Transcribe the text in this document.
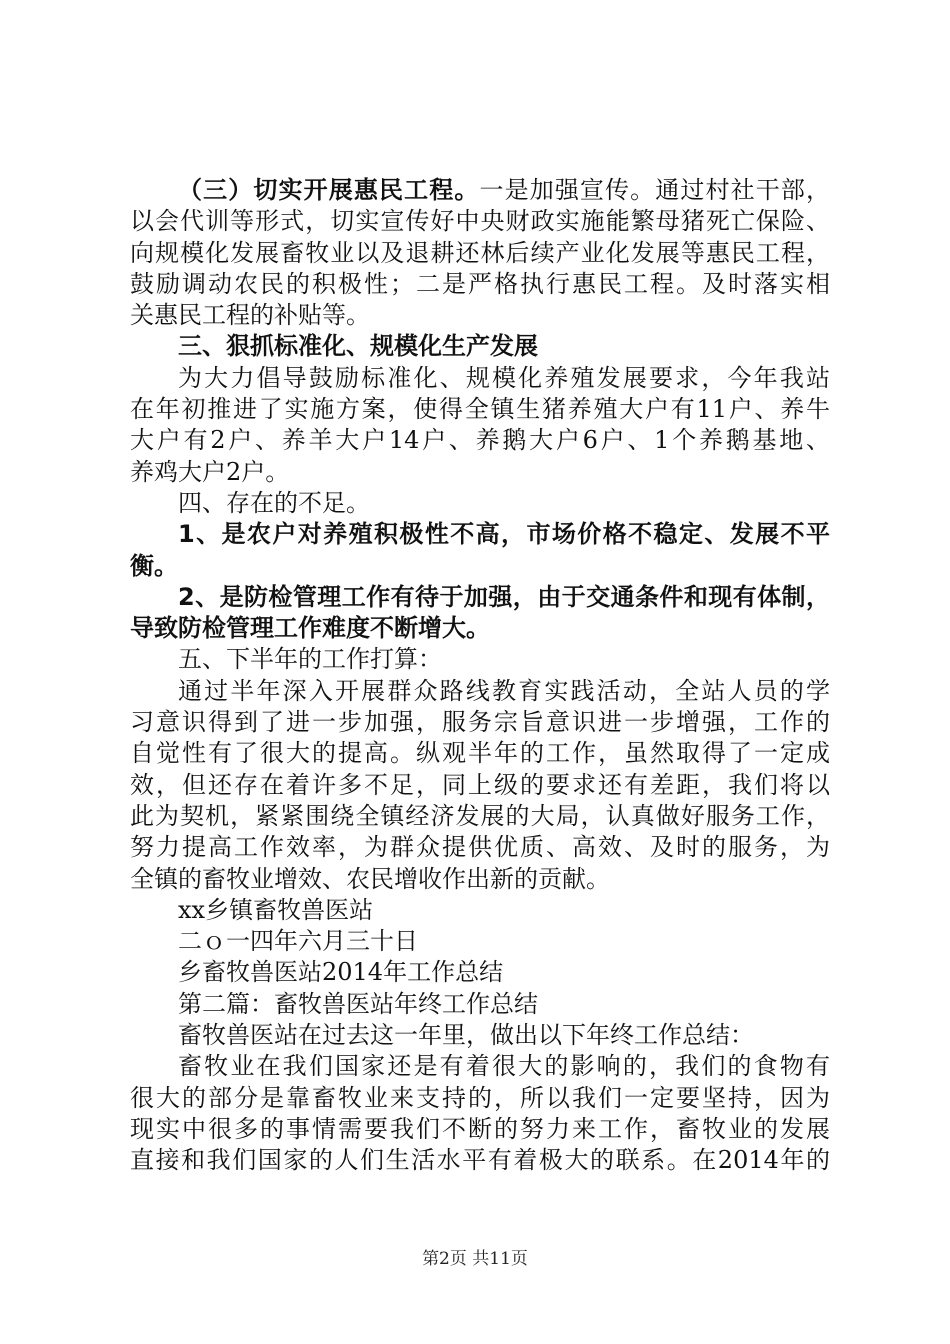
（三）切实开展惠民工程。一是加强宣传。通过村社干部，
以会代训等形式，切实宣传好中央财政实施能繁母猪死亡保险、
向规模化发展畜牧业以及退耕还林后续产业化发展等惠民工程，
鼓励调动农民的积极性；二是严格执行惠民工程。及时落实相
关惠民工程的补贴等。
三、狠抓标准化、规模化生产发展
为大力倡导鼓励标准化、规模化养殖发展要求，今年我站
在年初推进了实施方案，使得全镇生猪养殖大户有11户、养牛
大户有2户、养羊大户14户、养鹅大户6户、1个养鹅基地、
养鸡大户2户。
四、存在的不足。
1、是农户对养殖积极性不高，市场价格不稳定、发展不平
衡。
2、是防检管理工作有待于加强，由于交通条件和现有体制，
导致防检管理工作难度不断增大。
五、下半年的工作打算：
通过半年深入开展群众路线教育实践活动，全站人员的学
习意识得到了进一步加强，服务宗旨意识进一步增强，工作的
自觉性有了很大的提高。纵观半年的工作，虽然取得了一定成
效，但还存在着许多不足，同上级的要求还有差距，我们将以
此为契机，紧紧围绕全镇经济发展的大局，认真做好服务工作，
努力提高工作效率，为群众提供优质、高效、及时的服务，为
全镇的畜牧业增效、农民增收作出新的贡献。
xx乡镇畜牧兽医站
二ｏ一四年六月三十日
乡畜牧兽医站2014年工作总结
第二篇：畜牧兽医站年终工作总结
畜牧兽医站在过去这一年里，做出以下年终工作总结：
畜牧业在我们国家还是有着很大的影响的，我们的食物有
很大的部分是靠畜牧业来支持的，所以我们一定要坚持，因为
现实中很多的事情需要我们不断的努力来工作，畜牧业的发展
直接和我们国家的人们生活水平有着极大的联系。在2014年的
第2页 共11页
